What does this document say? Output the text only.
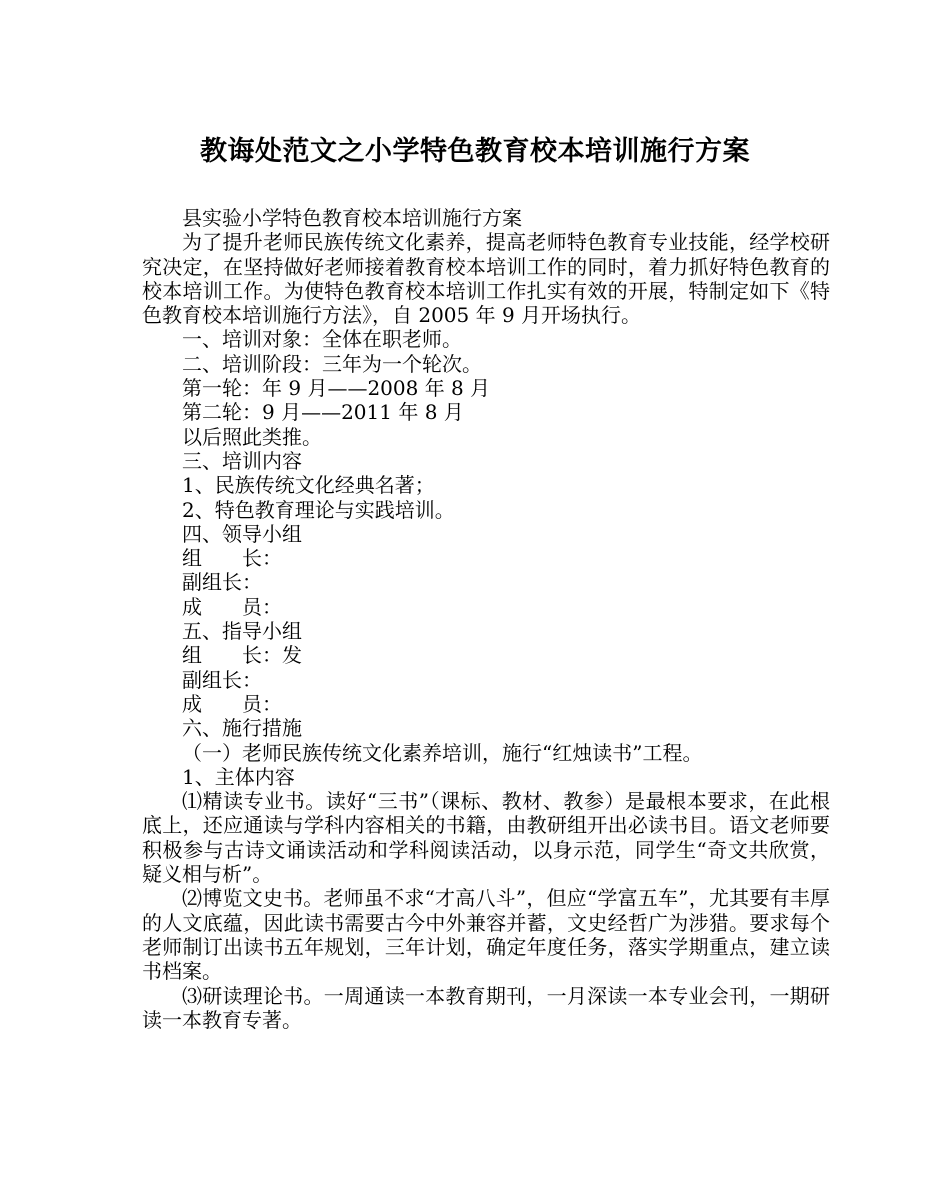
教诲处范文之小学特色教育校本培训施行方案

县实验小学特色教育校本培训施行方案

为了提升老师民族传统文化素养，提高老师特色教育专业技能，经学校研究决定，在坚持做好老师接着教育校本培训工作的同时，着力抓好特色教育的校本培训工作。为使特色教育校本培训工作扎实有效的开展，特制定如下《特色教育校本培训施行方法》，自 2005 年 9 月开场执行。

一、培训对象：全体在职老师。

二、培训阶段：三年为一个轮次。

第一轮：年 9 月——2008 年 8 月

第二轮：9 月——2011 年 8 月

以后照此类推。

三、培训内容

1、民族传统文化经典名著；

2、特色教育理论与实践培训。

四、领导小组

组　　长：

副组长：

成　　员：

五、指导小组

组　　长：发

副组长：

成　　员：

六、施行措施

（一）老师民族传统文化素养培训，施行“红烛读书”工程。

1、主体内容

⑴精读专业书。读好“三书”（课标、教材、教参）是最根本要求，在此根底上，还应通读与学科内容相关的书籍，由教研组开出必读书目。语文老师要积极参与古诗文诵读活动和学科阅读活动，以身示范，同学生“奇文共欣赏，疑义相与析”。

⑵博览文史书。老师虽不求“才高八斗”，但应“学富五车”，尤其要有丰厚的人文底蕴，因此读书需要古今中外兼容并蓄，文史经哲广为涉猎。要求每个老师制订出读书五年规划，三年计划，确定年度任务，落实学期重点，建立读书档案。

⑶研读理论书。一周通读一本教育期刊，一月深读一本专业会刊，一期研读一本教育专著。
